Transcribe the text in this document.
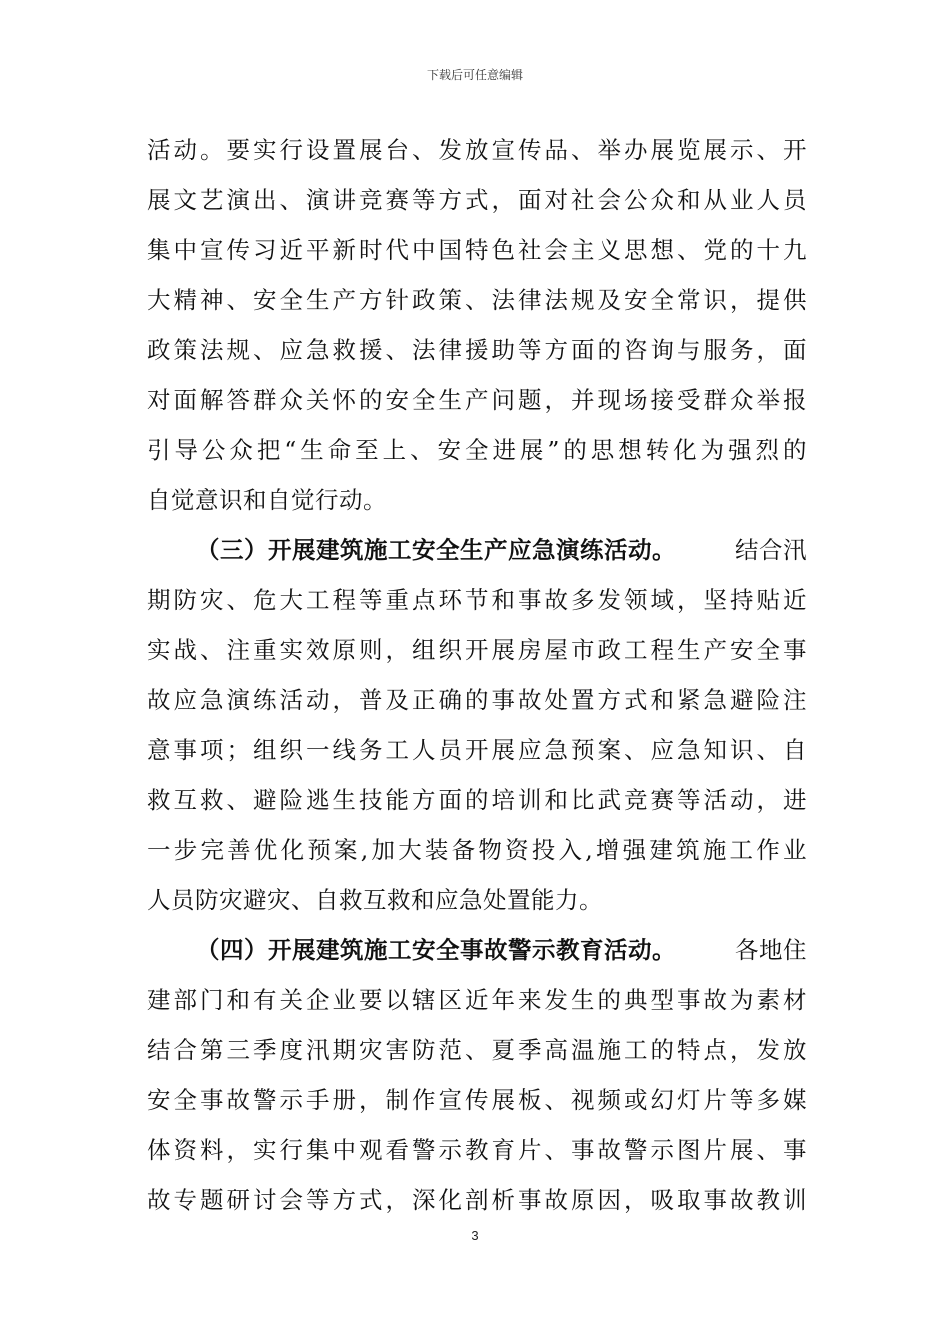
下载后可任意编辑
活动。要实行设置展台、发放宣传品、举办展览展示、开
展文艺演出、演讲竞赛等方式，面对社会公众和从业人员
集中宣传习近平新时代中国特色社会主义思想、党的十九
大精神、安全生产方针政策、法律法规及安全常识，提供
政策法规、应急救援、法律援助等方面的咨询与服务，面
对面解答群众关怀的安全生产问题，并现场接受群众举报
引导公众把“生命至上、安全进展”的思想转化为强烈的
自觉意识和自觉行动。
（三）开展建筑施工安全生产应急演练活动。	结合汛
期防灾、危大工程等重点环节和事故多发领域，坚持贴近
实战、注重实效原则，组织开展房屋市政工程生产安全事
故应急演练活动，普及正确的事故处置方式和紧急避险注
意事项；组织一线务工人员开展应急预案、应急知识、自
救互救、避险逃生技能方面的培训和比武竞赛等活动，进
一步完善优化预案,加大装备物资投入,增强建筑施工作业
人员防灾避灾、自救互救和应急处置能力。
（四）开展建筑施工安全事故警示教育活动。	各地住
建部门和有关企业要以辖区近年来发生的典型事故为素材
结合第三季度汛期灾害防范、夏季高温施工的特点，发放
安全事故警示手册，制作宣传展板、视频或幻灯片等多媒
体资料，实行集中观看警示教育片、事故警示图片展、事
故专题研讨会等方式，深化剖析事故原因，吸取事故教训
3
